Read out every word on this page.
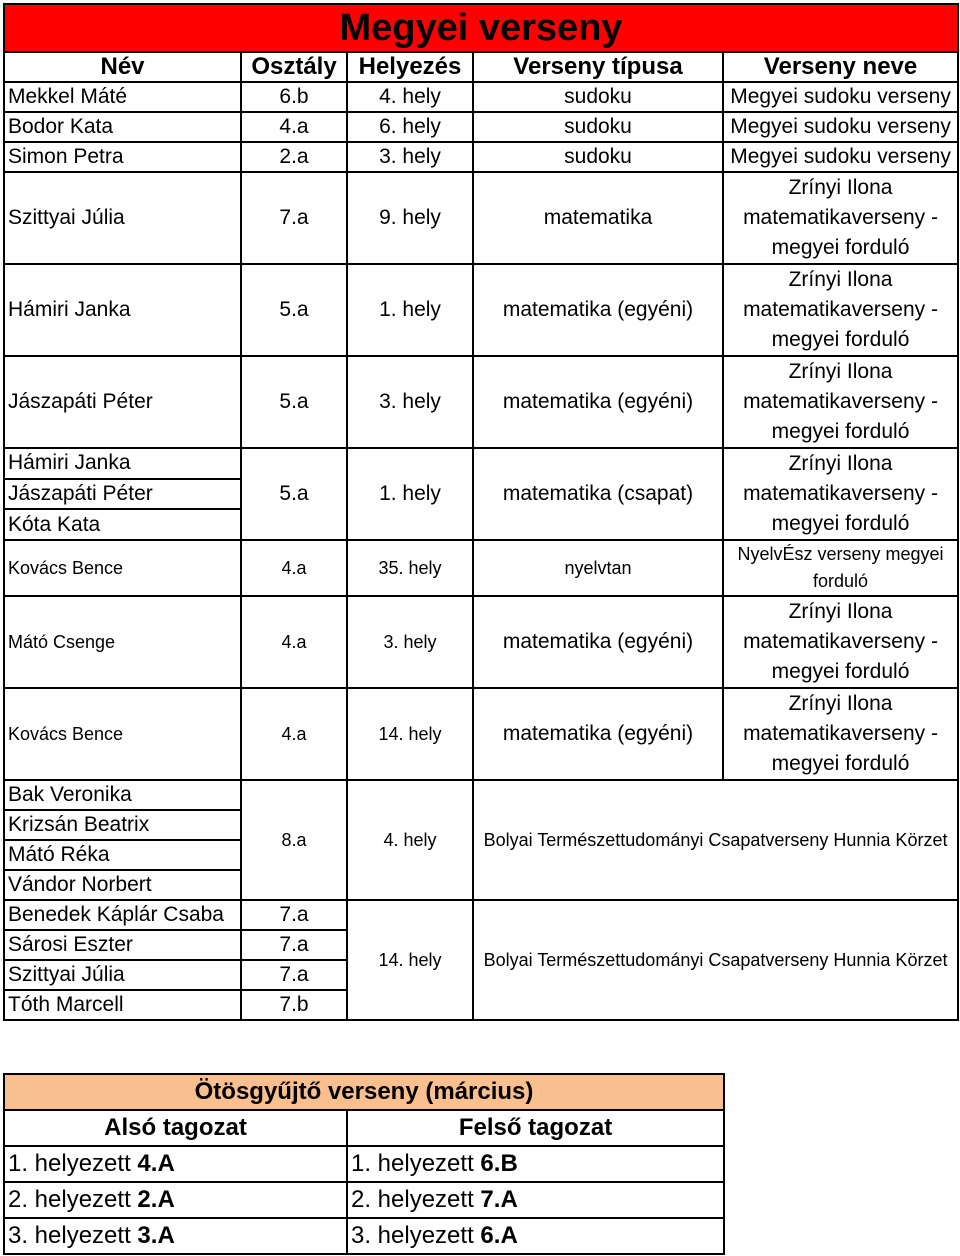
Megyei verseny				
Név	Osztály	Helyezés	Verseny típusa	Verseny neve
Mekkel Máté	6.b	4. hely	sudoku	Megyei sudoku verseny
Bodor Kata	4.a	6. hely	sudoku	Megyei sudoku verseny
Simon Petra	2.a	3. hely	sudoku	Megyei sudoku verseny
Szittyai Júlia	7.a	9. hely	matematika	Zrínyi Ilona matematikaverseny - megyei forduló
Hámiri Janka	5.a	1. hely	matematika (egyéni)	Zrínyi Ilona matematikaverseny - megyei forduló
Jászapáti Péter	5.a	3. hely	matematika (egyéni)	Zrínyi Ilona matematikaverseny - megyei forduló
Hámiri Janka	5.a	1. hely	matematika (csapat)	Zrínyi Ilona matematikaverseny - megyei forduló
Jászapáti Péter				
Kóta Kata				
Kovács Bence	4.a	35. hely	nyelvtan	NyelvÉsz verseny megyei forduló
Mátó Csenge	4.a	3. hely	matematika (egyéni)	Zrínyi Ilona matematikaverseny - megyei forduló
Kovács Bence	4.a	14. hely	matematika (egyéni)	Zrínyi Ilona matematikaverseny - megyei forduló
Bak Veronika	8.a	4. hely	Bolyai Természettudományi Csapatverseny Hunnia Körzet	
Krizsán Beatrix				
Mátó Réka				
Vándor Norbert				
Benedek Káplár Csaba	7.a	14. hely	Bolyai Természettudományi Csapatverseny Hunnia Körzet	
Sárosi Eszter	7.a			
Szittyai Júlia	7.a			
Tóth Marcell	7.b			
Ötösgyűjtő verseny (március)	
Alsó tagozat	Felső tagozat
1. helyezett 4.A	1. helyezett 6.B
2. helyezett 2.A	2. helyezett 7.A
3. helyezett 3.A	3. helyezett 6.A
